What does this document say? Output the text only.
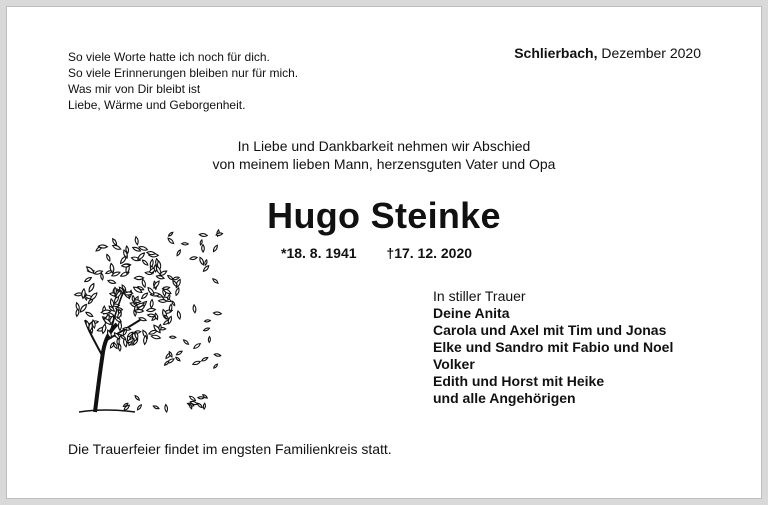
So viele Worte hatte ich noch für dich.
So viele Erinnerungen bleiben nur für mich.
Was mir von Dir bleibt ist
Liebe, Wärme und Geborgenheit.
Schlierbach, Dezember 2020
In Liebe und Dankbarkeit nehmen wir Abschied
von meinem lieben Mann, herzensguten Vater und Opa
Hugo Steinke
*18. 8. 1941 †17. 12. 2020
In stiller Trauer
Deine Anita
Carola und Axel mit Tim und Jonas
Elke und Sandro mit Fabio und Noel
Volker
Edith und Horst mit Heike
und alle Angehörigen
Die Trauerfeier findet im engsten Familienkreis statt.
